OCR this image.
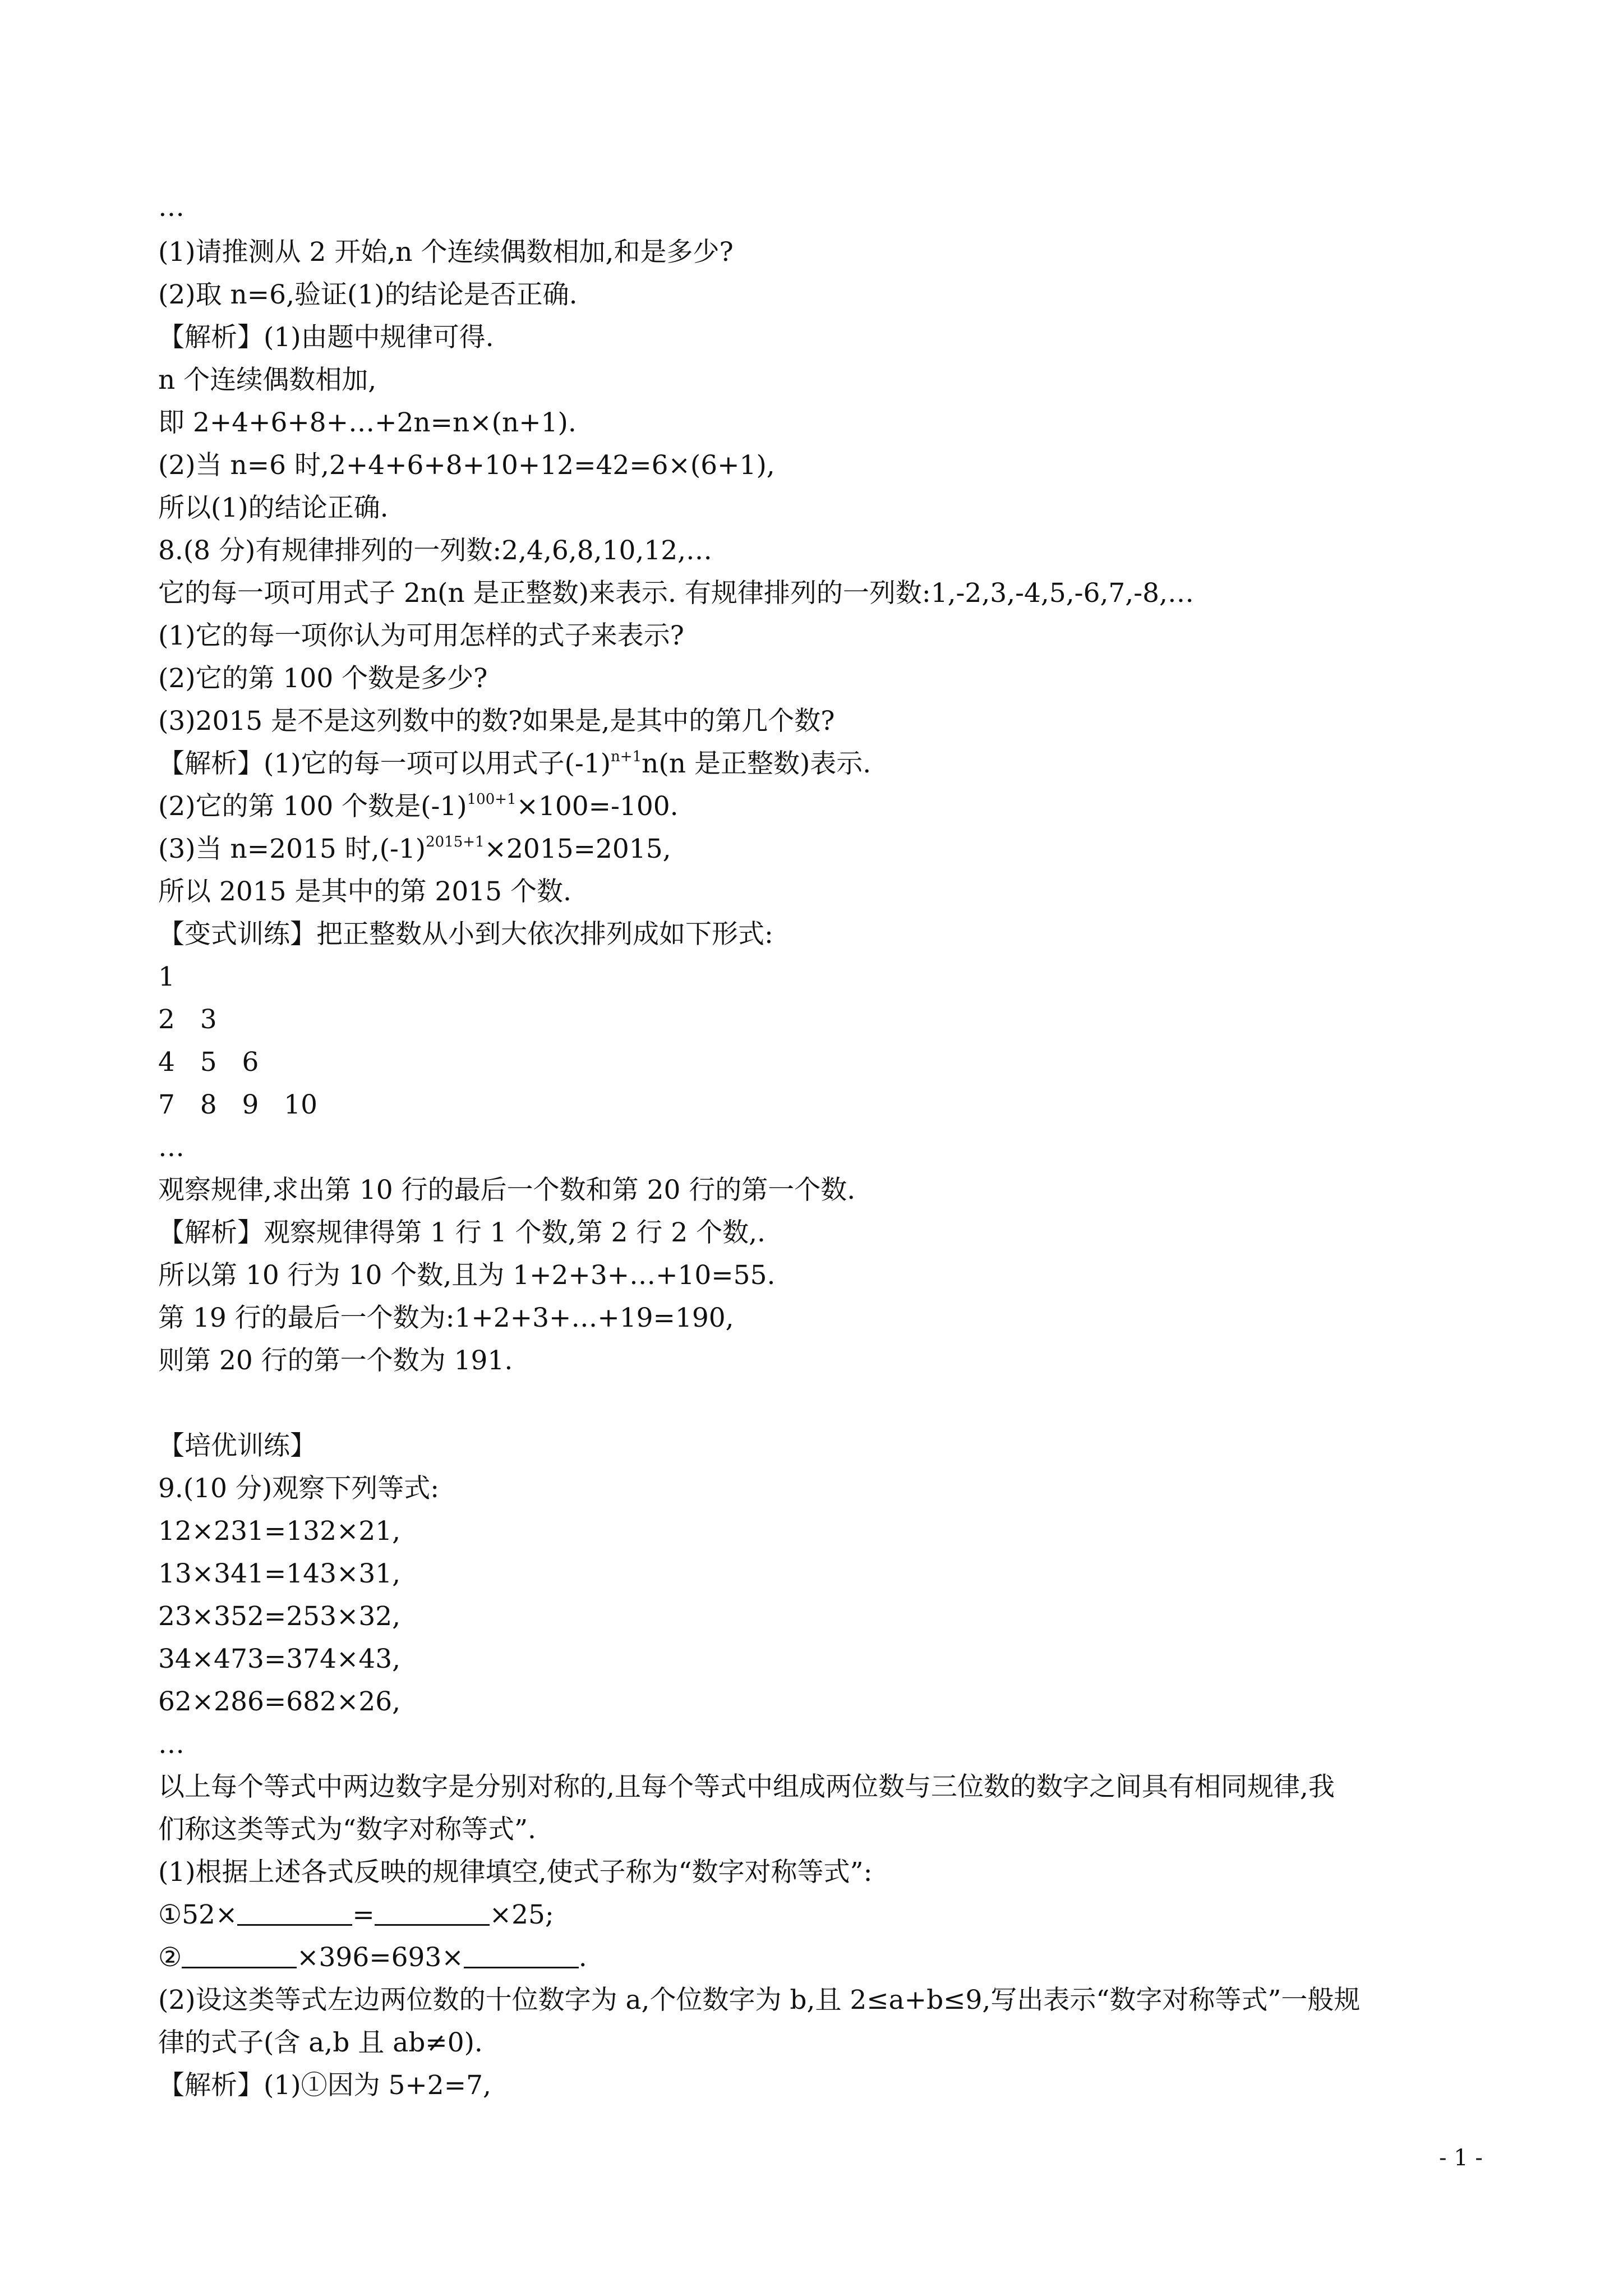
…
(1)请推测从 2 开始,n 个连续偶数相加,和是多少?
(2)取 n=6,验证(1)的结论是否正确.
【解析】(1)由题中规律可得.
n 个连续偶数相加,
即 2+4+6+8+…+2n=n×(n+1).
(2)当 n=6 时,2+4+6+8+10+12=42=6×(6+1),
所以(1)的结论正确.
8.(8 分)有规律排列的一列数:2,4,6,8,10,12,…
它的每一项可用式子 2n(n 是正整数)来表示. 有规律排列的一列数:1,-2,3,-4,5,-6,7,-8,…
(1)它的每一项你认为可用怎样的式子来表示?
(2)它的第 100 个数是多少?
(3)2015 是不是这列数中的数?如果是,是其中的第几个数?
【解析】(1)它的每一项可以用式子$(-1)^{n+1}n(n$ 是正整数)表示.
(2)它的第 100 个数是$(-1)^{100+1}\times 100=-100$.
(3)当 n=2015 时$,(-1)^{2015+1}\times 2015=2015$,
所以 2015 是其中的第 2015 个数.
【变式训练】把正整数从小到大依次排列成如下形式:
1
2   3
4   5   6
7   8   9   10
…
观察规律,求出第 10 行的最后一个数和第 20 行的第一个数.
【解析】观察规律得第 1 行 1 个数,第 2 行 2 个数,.
所以第 10 行为 10 个数,且为 1+2+3+…+10=55.
第 19 行的最后一个数为:1+2+3+…+19=190,
则第 20 行的第一个数为 191.
【培优训练】
9.(10 分)观察下列等式:
12×231=132×21,
13×341=143×31,
23×352=253×32,
34×473=374×43,
62×286=682×26,
…
以上每个等式中两边数字是分别对称的,且每个等式中组成两位数与三位数的数字之间具有相同规律,我
们称这类等式为“数字对称等式”.
(1)根据上述各式反映的规律填空,使式子称为“数字对称等式”:
①52×	=	×25;
②	×396=693×	.
(2)设这类等式左边两位数的十位数字为 a,个位数字为 b,且 2≤a+b≤9,写出表示“数字对称等式”一般规
律的式子(含 a,b 且 ab≠0).
【解析】(1)①因为 5+2=7,
- 1 -
